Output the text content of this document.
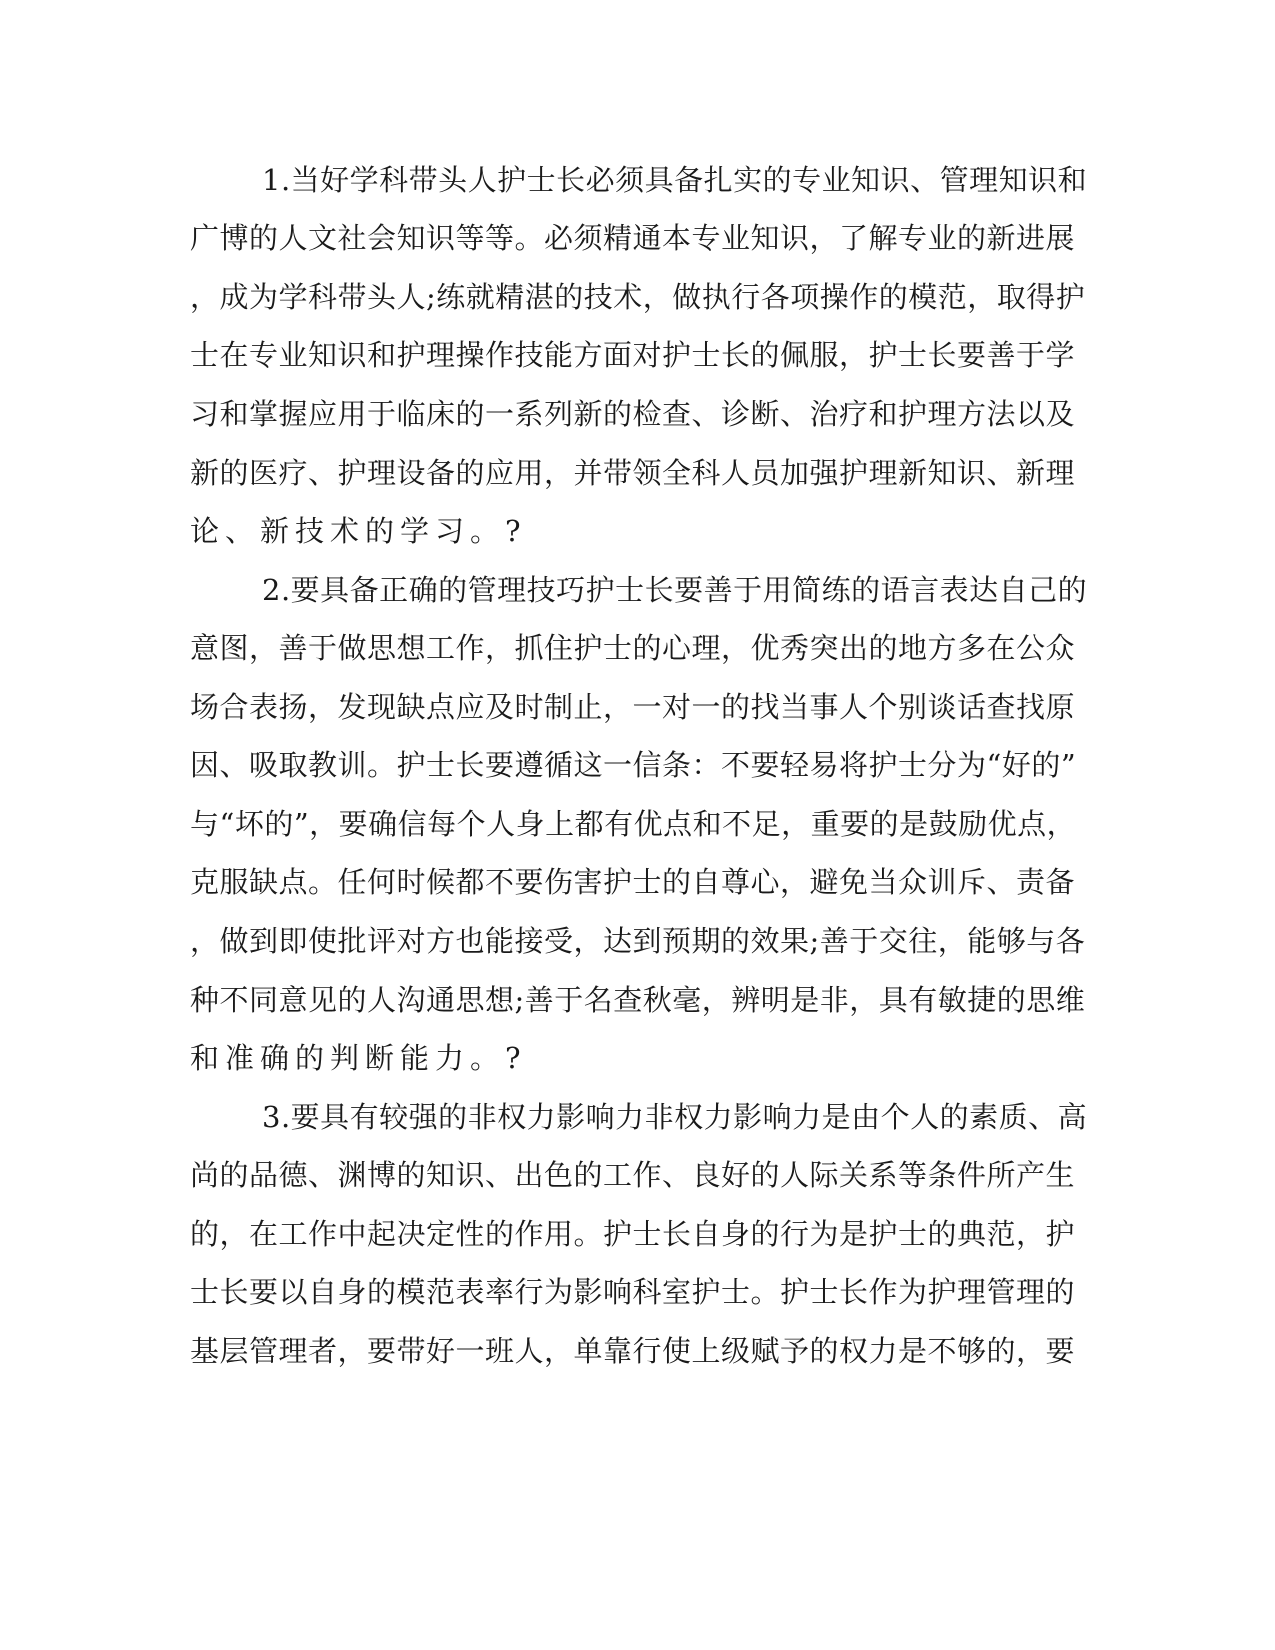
1.当好学科带头人护士长必须具备扎实的专业知识、管理知识和

广博的人文社会知识等等。必须精通本专业知识，了解专业的新进展

，成为学科带头人;练就精湛的技术，做执行各项操作的模范，取得护

士在专业知识和护理操作技能方面对护士长的佩服，护士长要善于学

习和掌握应用于临床的一系列新的检查、诊断、治疗和护理方法以及

新的医疗、护理设备的应用，并带领全科人员加强护理新知识、新理

论、新技术的学习。?

2.要具备正确的管理技巧护士长要善于用简练的语言表达自己的

意图，善于做思想工作，抓住护士的心理，优秀突出的地方多在公众

场合表扬，发现缺点应及时制止，一对一的找当事人个别谈话查找原

因、吸取教训。护士长要遵循这一信条：不要轻易将护士分为“好的”

与“坏的”，要确信每个人身上都有优点和不足，重要的是鼓励优点，

克服缺点。任何时候都不要伤害护士的自尊心，避免当众训斥、责备

，做到即使批评对方也能接受，达到预期的效果;善于交往，能够与各

种不同意见的人沟通思想;善于名查秋毫，辨明是非，具有敏捷的思维

和准确的判断能力。?

3.要具有较强的非权力影响力非权力影响力是由个人的素质、高

尚的品德、渊博的知识、出色的工作、良好的人际关系等条件所产生

的，在工作中起决定性的作用。护士长自身的行为是护士的典范，护

士长要以自身的模范表率行为影响科室护士。护士长作为护理管理的

基层管理者，要带好一班人，单靠行使上级赋予的权力是不够的，要
